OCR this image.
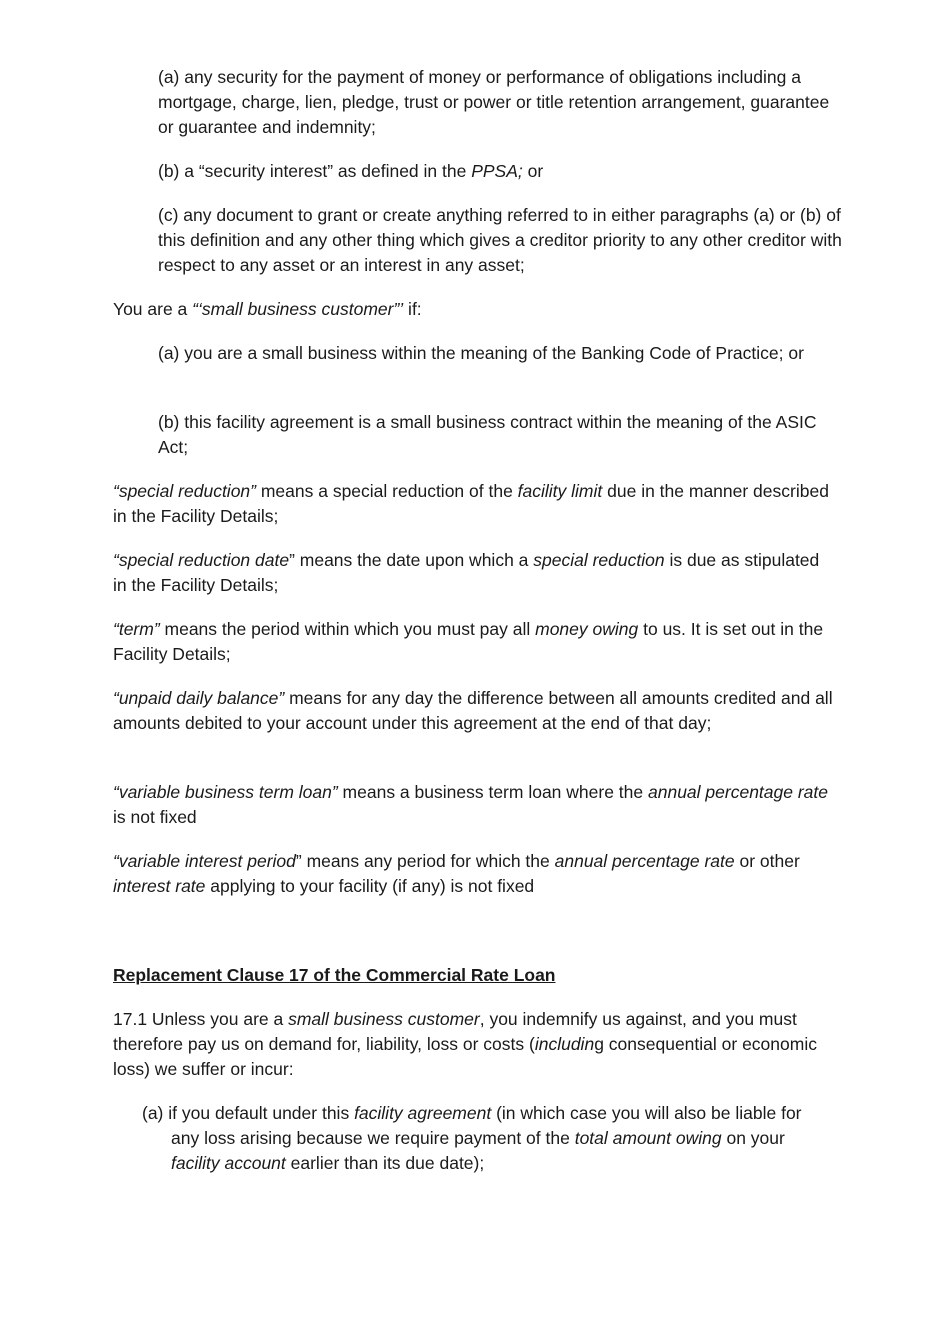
(a) any security for the payment of money or performance of obligations including a mortgage, charge, lien, pledge, trust or power or title retention arrangement, guarantee or guarantee and indemnity;

(b) a “security interest” as defined in the PPSA; or

(c) any document to grant or create anything referred to in either paragraphs (a) or (b) of this definition and any other thing which gives a creditor priority to any other creditor with respect to any asset or an interest in any asset;

You are a “‘small business customer”’ if:

(a) you are a small business within the meaning of the Banking Code of Practice; or

(b) this facility agreement is a small business contract within the meaning of the ASIC Act;

“special reduction” means a special reduction of the facility limit due in the manner described in the Facility Details;

“special reduction date” means the date upon which a special reduction is due as stipulated in the Facility Details;

“term” means the period within which you must pay all money owing to us. It is set out in the Facility Details;

“unpaid daily balance” means for any day the difference between all amounts credited and all amounts debited to your account under this agreement at the end of that day;

“variable business term loan” means a business term loan where the annual percentage rate is not fixed

“variable interest period” means any period for which the annual percentage rate or other interest rate applying to your facility (if any) is not fixed

Replacement Clause 17 of the Commercial Rate Loan

17.1 Unless you are a small business customer, you indemnify us against, and you must therefore pay us on demand for, liability, loss or costs (including consequential or economic loss) we suffer or incur:

(a) if you default under this facility agreement (in which case you will also be liable for any loss arising because we require payment of the total amount owing on your facility account earlier than its due date);
